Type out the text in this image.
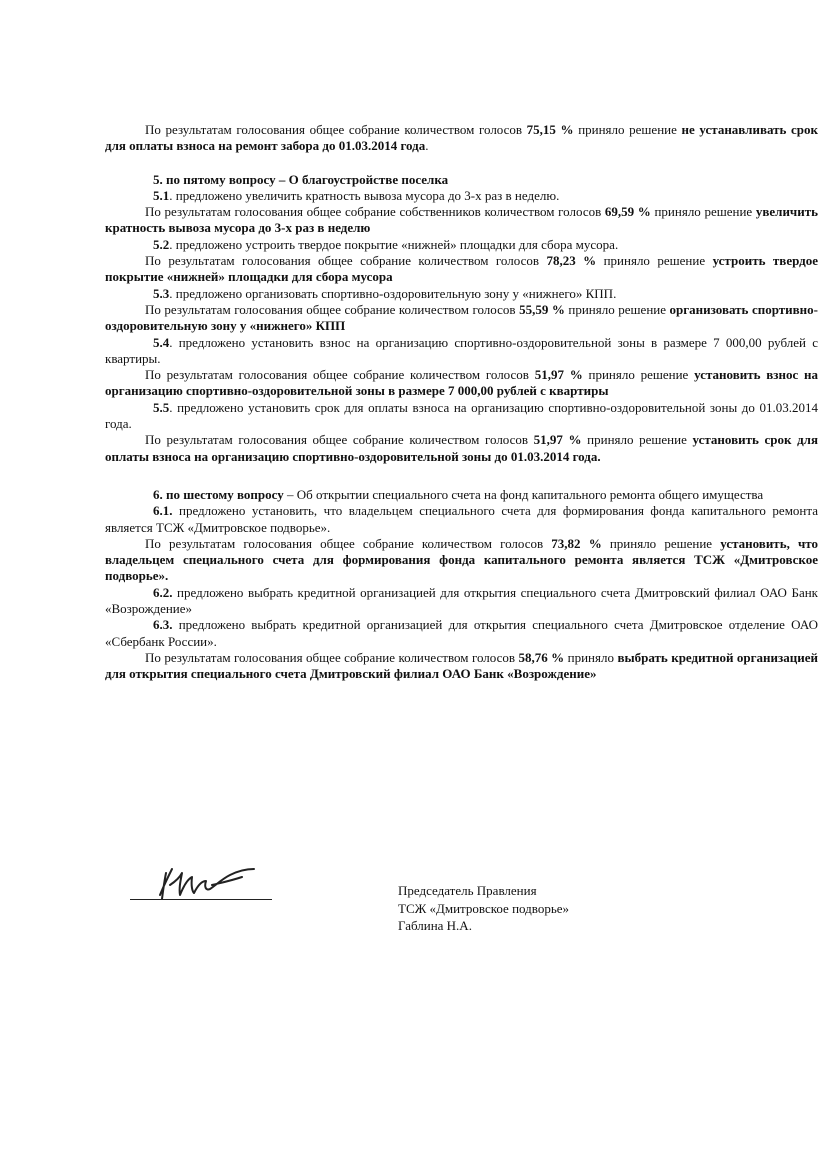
По результатам голосования общее собрание количеством голосов 75,15 % приняло решение не устанавливать срок для оплаты взноса на ремонт забора до 01.03.2014 года.

5. по пятому вопросу – О благоустройстве поселка

5.1. предложено увеличить кратность вывоза мусора до 3-х раз в неделю.

По результатам голосования общее собрание собственников количеством голосов 69,59 % приняло решение увеличить кратность вывоза мусора до 3-х раз в неделю

5.2. предложено устроить твердое покрытие «нижней» площадки для сбора мусора.

По результатам голосования общее собрание количеством голосов 78,23 % приняло решение устроить твердое покрытие «нижней» площадки для сбора мусора

5.3. предложено организовать спортивно-оздоровительную зону у «нижнего» КПП.

По результатам голосования общее собрание количеством голосов 55,59 % приняло решение организовать спортивно-оздоровительную зону у «нижнего» КПП

5.4. предложено установить взнос на организацию спортивно-оздоровительной зоны в размере 7 000,00 рублей с квартиры.

По результатам голосования общее собрание количеством голосов 51,97 % приняло решение установить взнос на организацию спортивно-оздоровительной зоны в размере 7 000,00 рублей с квартиры

5.5. предложено установить срок для оплаты взноса на организацию спортивно-оздоровительной зоны до 01.03.2014 года.

По результатам голосования общее собрание количеством голосов 51,97 % приняло решение установить срок для оплаты взноса на организацию спортивно-оздоровительной зоны до 01.03.2014 года.

6. по шестому вопросу – Об открытии специального счета на фонд капитального ремонта общего имущества

6.1. предложено установить, что владельцем специального счета для формирования фонда капитального ремонта является ТСЖ «Дмитровское подворье».

По результатам голосования общее собрание количеством голосов 73,82 % приняло решение установить, что владельцем специального счета для формирования фонда капитального ремонта является ТСЖ «Дмитровское подворье».

6.2. предложено выбрать кредитной организацией для открытия специального счета Дмитровский филиал ОАО Банк «Возрождение»

6.3. предложено выбрать кредитной организацией для открытия специального счета Дмитровское отделение ОАО «Сбербанк России».

По результатам голосования общее собрание количеством голосов 58,76 % приняло выбрать кредитной организацией для открытия специального счета Дмитровский филиал ОАО Банк «Возрождение»

Председатель Правления
ТСЖ «Дмитровское подворье»
Габлина Н.А.
